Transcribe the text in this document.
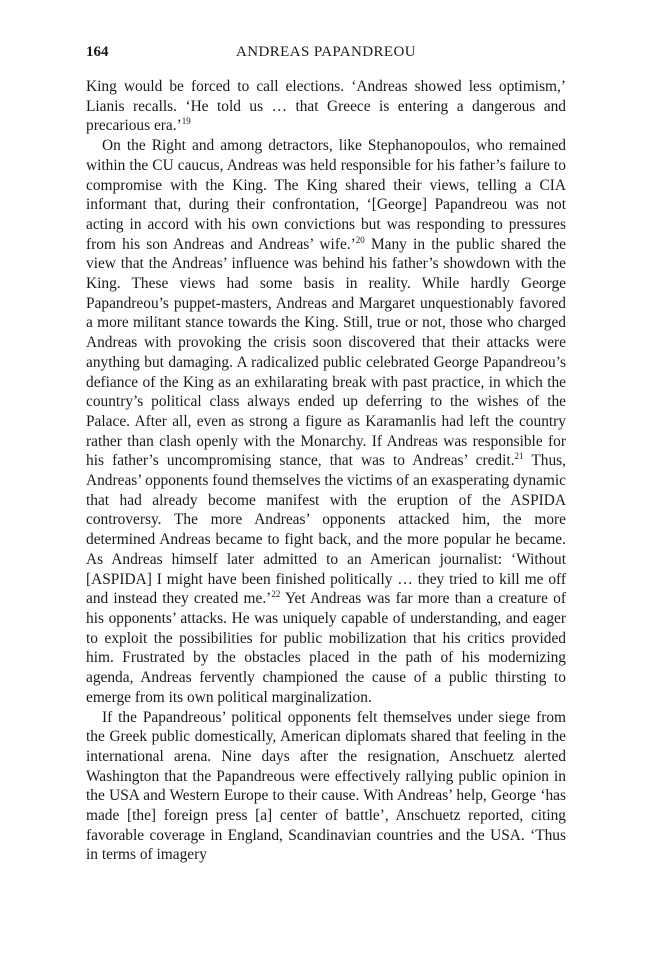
164	ANDREAS PAPANDREOU

King would be forced to call elections. ‘Andreas showed less optimism,’ Lianis recalls. ‘He told us … that Greece is entering a dangerous and precarious era.’$^{19}$

On the Right and among detractors, like Stephanopoulos, who remained within the CU caucus, Andreas was held responsible for his father’s failure to compromise with the King. The King shared their views, telling a CIA informant that, during their confrontation, ‘[George] Papandreou was not acting in accord with his own convictions but was responding to pressures from his son Andreas and Andreas’ wife.’$^{20}$ Many in the public shared the view that the Andreas’ influence was behind his father’s showdown with the King. These views had some basis in reality. While hardly George Papandreou’s puppet-masters, Andreas and Margaret unquestionably favored a more militant stance towards the King. Still, true or not, those who charged Andreas with provoking the crisis soon discovered that their attacks were anything but damaging. A radicalized public celebrated George Papandreou’s defiance of the King as an exhilarating break with past practice, in which the country’s political class always ended up deferring to the wishes of the Palace. After all, even as strong a figure as Karamanlis had left the country rather than clash openly with the Monarchy. If Andreas was responsible for his father’s uncompromising stance, that was to Andreas’ credit.$^{21}$ Thus, Andreas’ opponents found themselves the victims of an exasperating dynamic that had already become manifest with the eruption of the ASPIDA controversy. The more Andreas’ opponents attacked him, the more determined Andreas became to fight back, and the more popular he became. As Andreas himself later admitted to an American journalist: ‘Without [ASPIDA] I might have been finished politically … they tried to kill me off and instead they created me.’$^{22}$ Yet Andreas was far more than a creature of his opponents’ attacks. He was uniquely capable of understanding, and eager to exploit the possibilities for public mobilization that his critics provided him. Frustrated by the obstacles placed in the path of his modernizing agenda, Andreas fervently championed the cause of a public thirsting to emerge from its own political marginalization.

If the Papandreous’ political opponents felt themselves under siege from the Greek public domestically, American diplomats shared that feeling in the international arena. Nine days after the resignation, Anschuetz alerted Washington that the Papandreous were effectively rallying public opinion in the USA and Western Europe to their cause. With Andreas’ help, George ‘has made [the] foreign press [a] center of battle’, Anschuetz reported, citing favorable coverage in England, Scandinavian countries and the USA. ‘Thus in terms of imagery
